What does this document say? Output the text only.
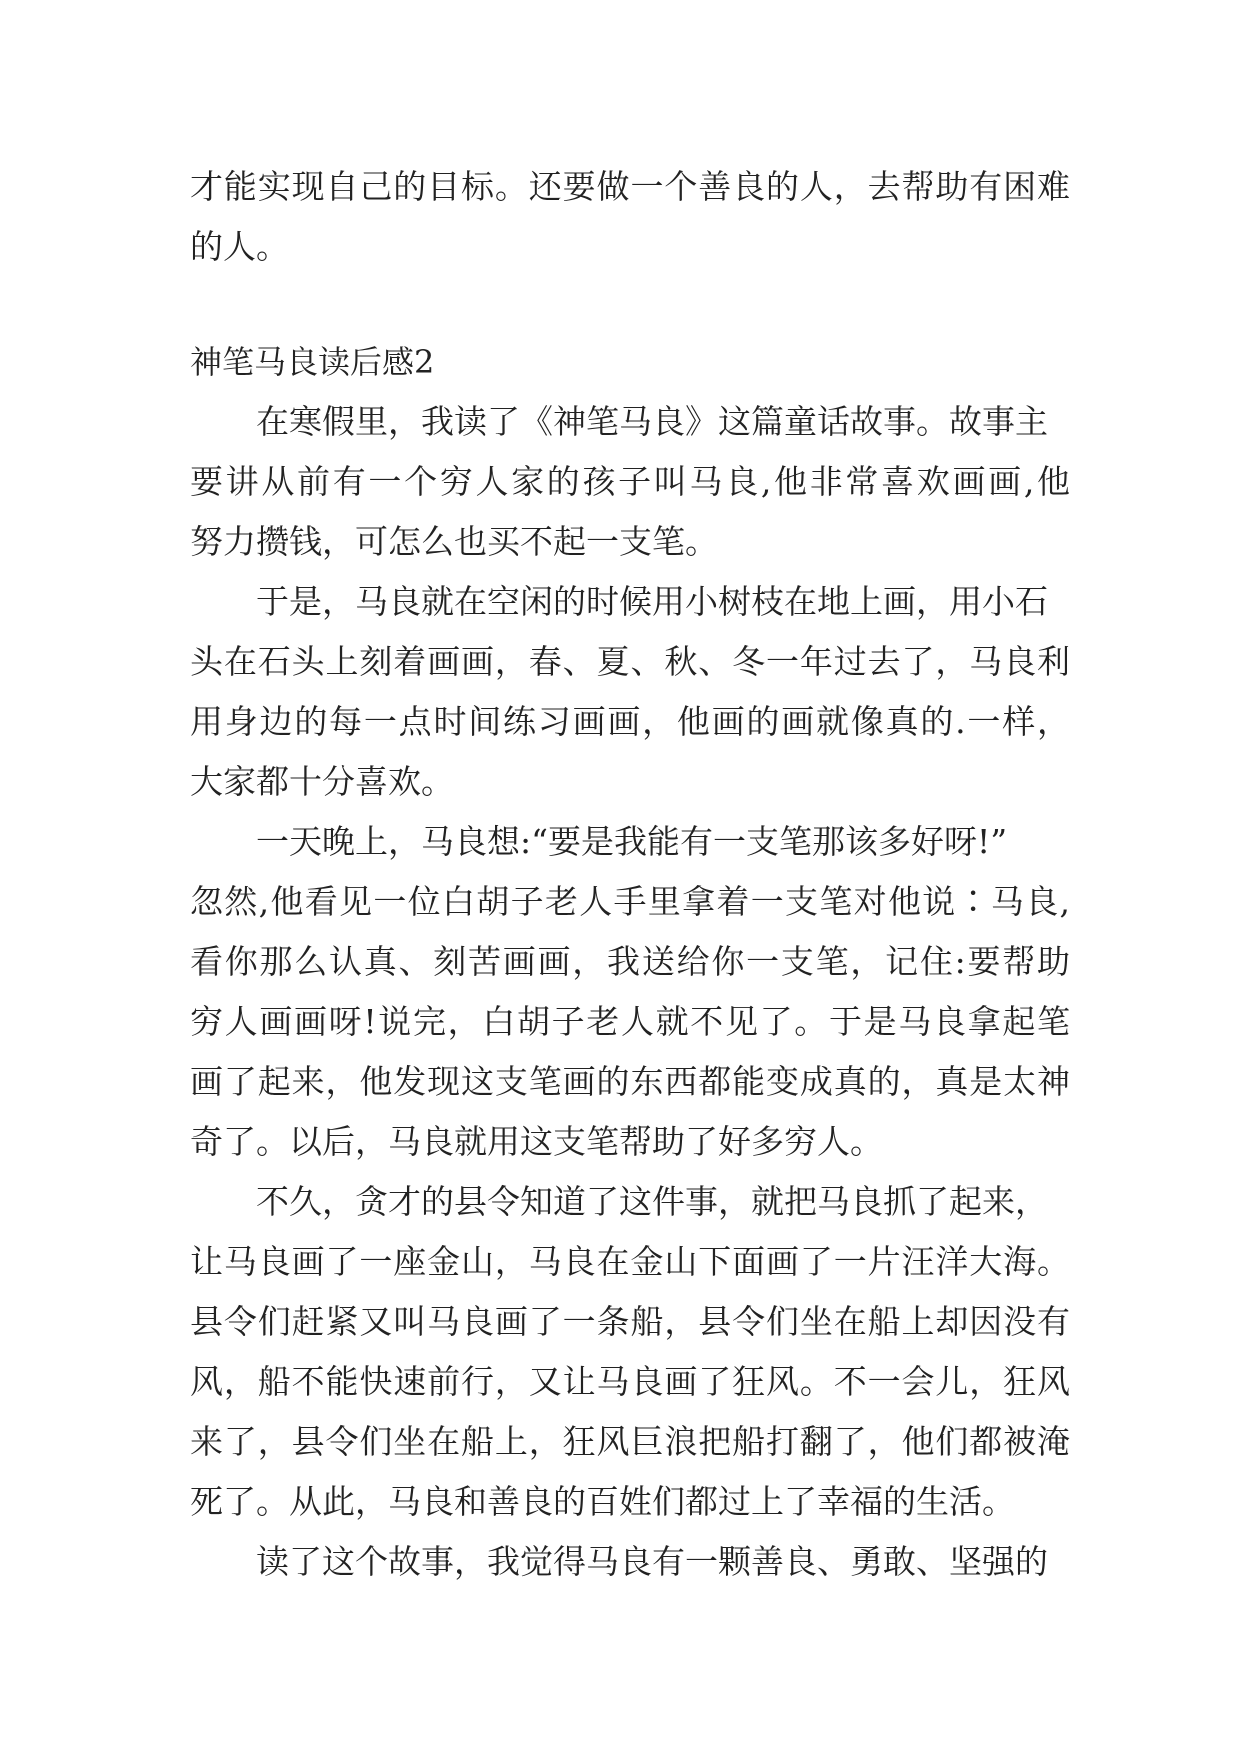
才能实现自己的目标。还要做一个善良的人，去帮助有困难
的人。
神笔马良读后感2
在寒假里，我读了《神笔马良》这篇童话故事。故事主
要讲从前有一个穷人家的孩子叫马良,他非常喜欢画画,他
努力攒钱，可怎么也买不起一支笔。
于是，马良就在空闲的时候用小树枝在地上画，用小石
头在石头上刻着画画，春、夏、秋、冬一年过去了，马良利
用身边的每一点时间练习画画，他画的画就像真的.一样，
大家都十分喜欢。
一天晚上，马良想:“要是我能有一支笔那该多好呀!”
忽然,他看见一位白胡子老人手里拿着一支笔对他说∶马良,
看你那么认真、刻苦画画，我送给你一支笔，记住:要帮助
穷人画画呀!说完，白胡子老人就不见了。于是马良拿起笔
画了起来，他发现这支笔画的东西都能变成真的，真是太神
奇了。以后，马良就用这支笔帮助了好多穷人。
不久，贪才的县令知道了这件事，就把马良抓了起来，
让马良画了一座金山，马良在金山下面画了一片汪洋大海。
县令们赶紧又叫马良画了一条船，县令们坐在船上却因没有
风，船不能快速前行，又让马良画了狂风。不一会儿，狂风
来了，县令们坐在船上，狂风巨浪把船打翻了，他们都被淹
死了。从此，马良和善良的百姓们都过上了幸福的生活。
读了这个故事，我觉得马良有一颗善良、勇敢、坚强的
